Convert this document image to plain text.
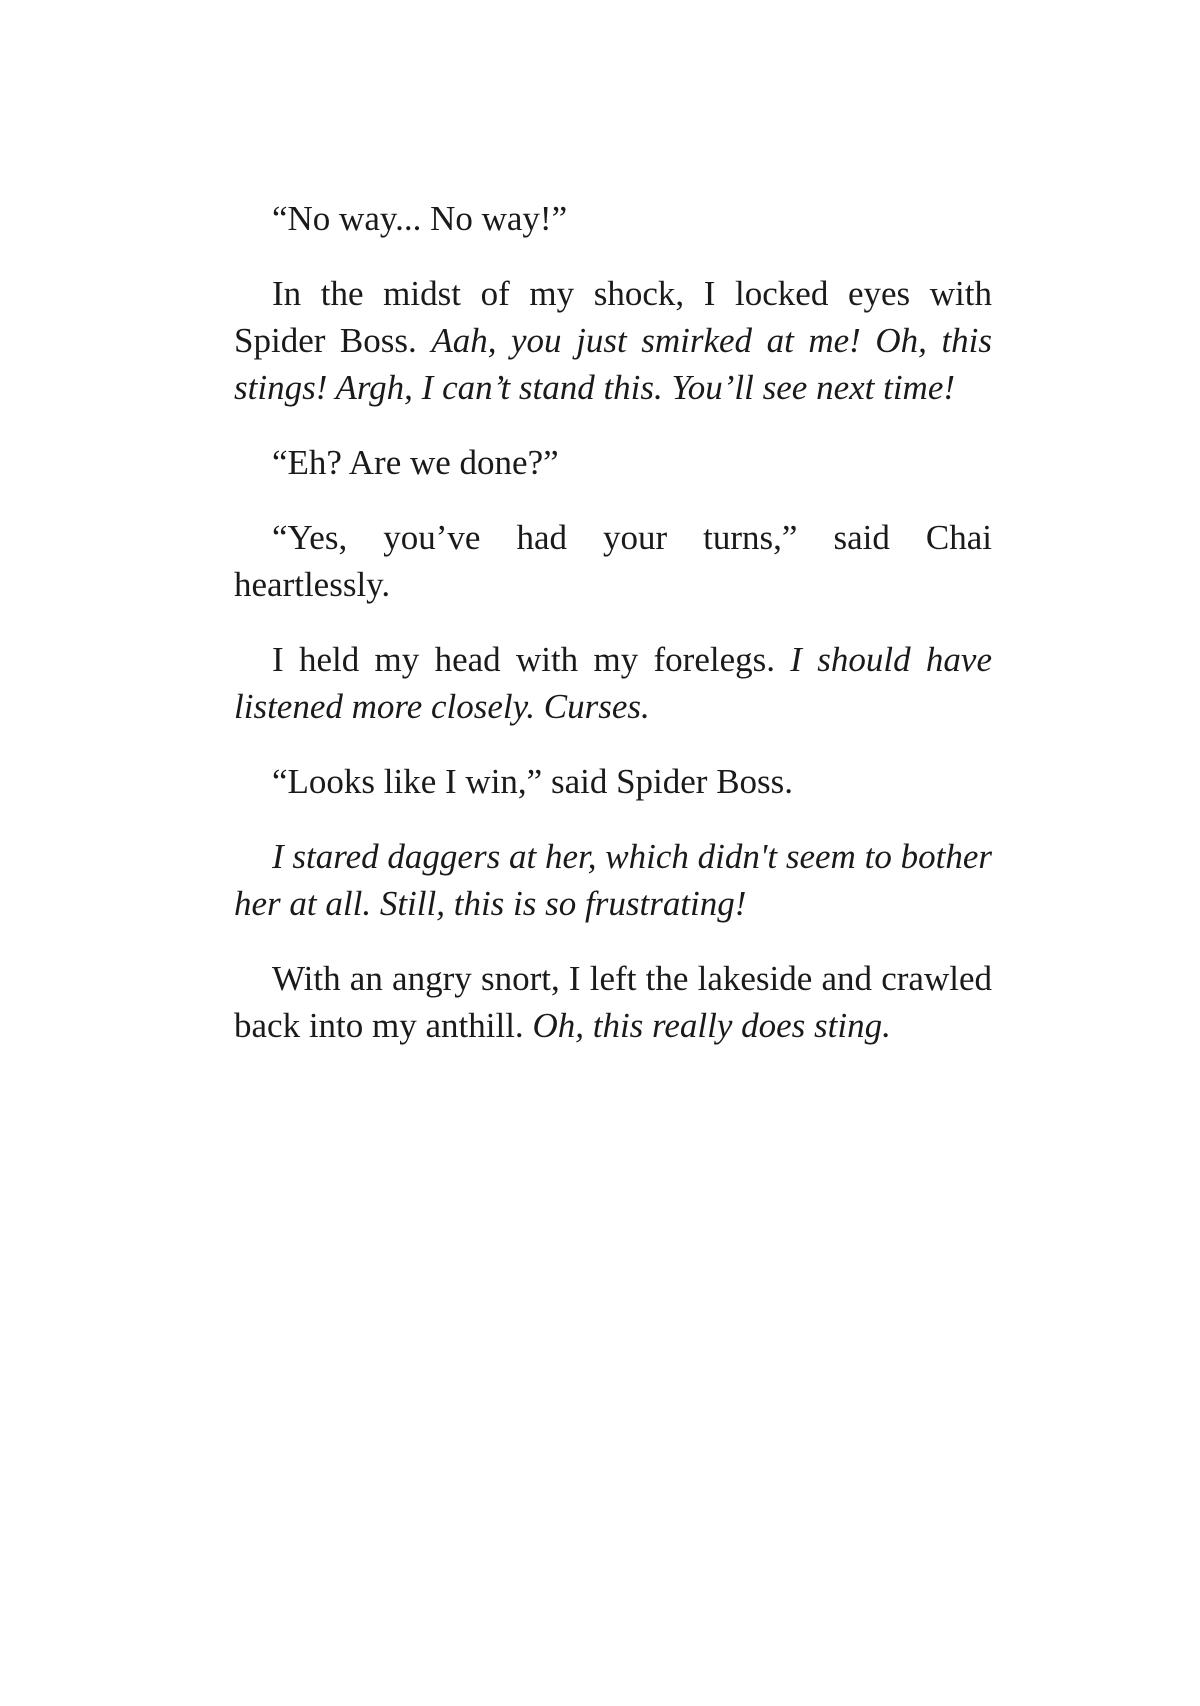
“No way... No way!”

In the midst of my shock, I locked eyes with Spider Boss. Aah, you just smirked at me! Oh, this stings! Argh, I can’t stand this. You’ll see next time!

“Eh? Are we done?”

“Yes, you’ve had your turns,” said Chai heartlessly.

I held my head with my forelegs. I should have listened more closely. Curses.

“Looks like I win,” said Spider Boss.

I stared daggers at her, which didn't seem to bother her at all. Still, this is so frustrating!

With an angry snort, I left the lakeside and crawled back into my anthill. Oh, this really does sting.
